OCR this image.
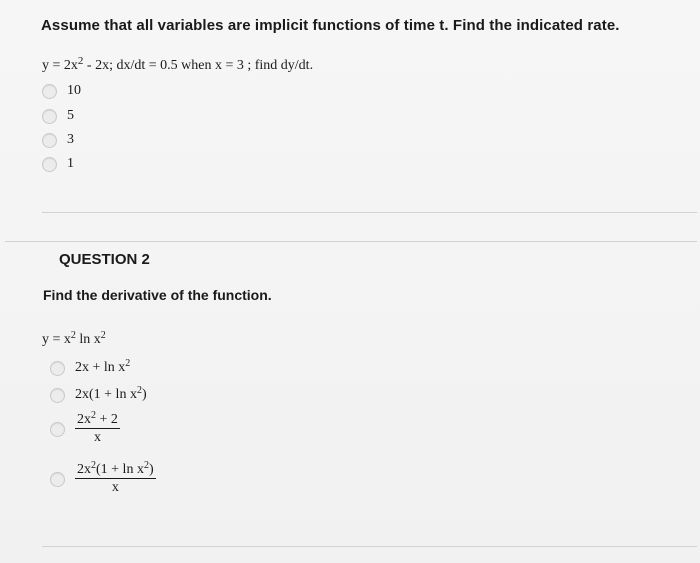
Assume that all variables are implicit functions of time t. Find the indicated rate.
$y = 2x^2 - 2x$; dx/dt = 0.5 when x = 3 ; find dy/dt.
10
5
3
1
QUESTION 2
Find the derivative of the function.
$y = x^2$ $\ln x^2$
$2x + \ln x^2$
$2x(1 + \ln x^2)$
$\frac{2x^2 + 2}{x}$
$\frac{2x^2(1 + \ln x^2)}{x}$
